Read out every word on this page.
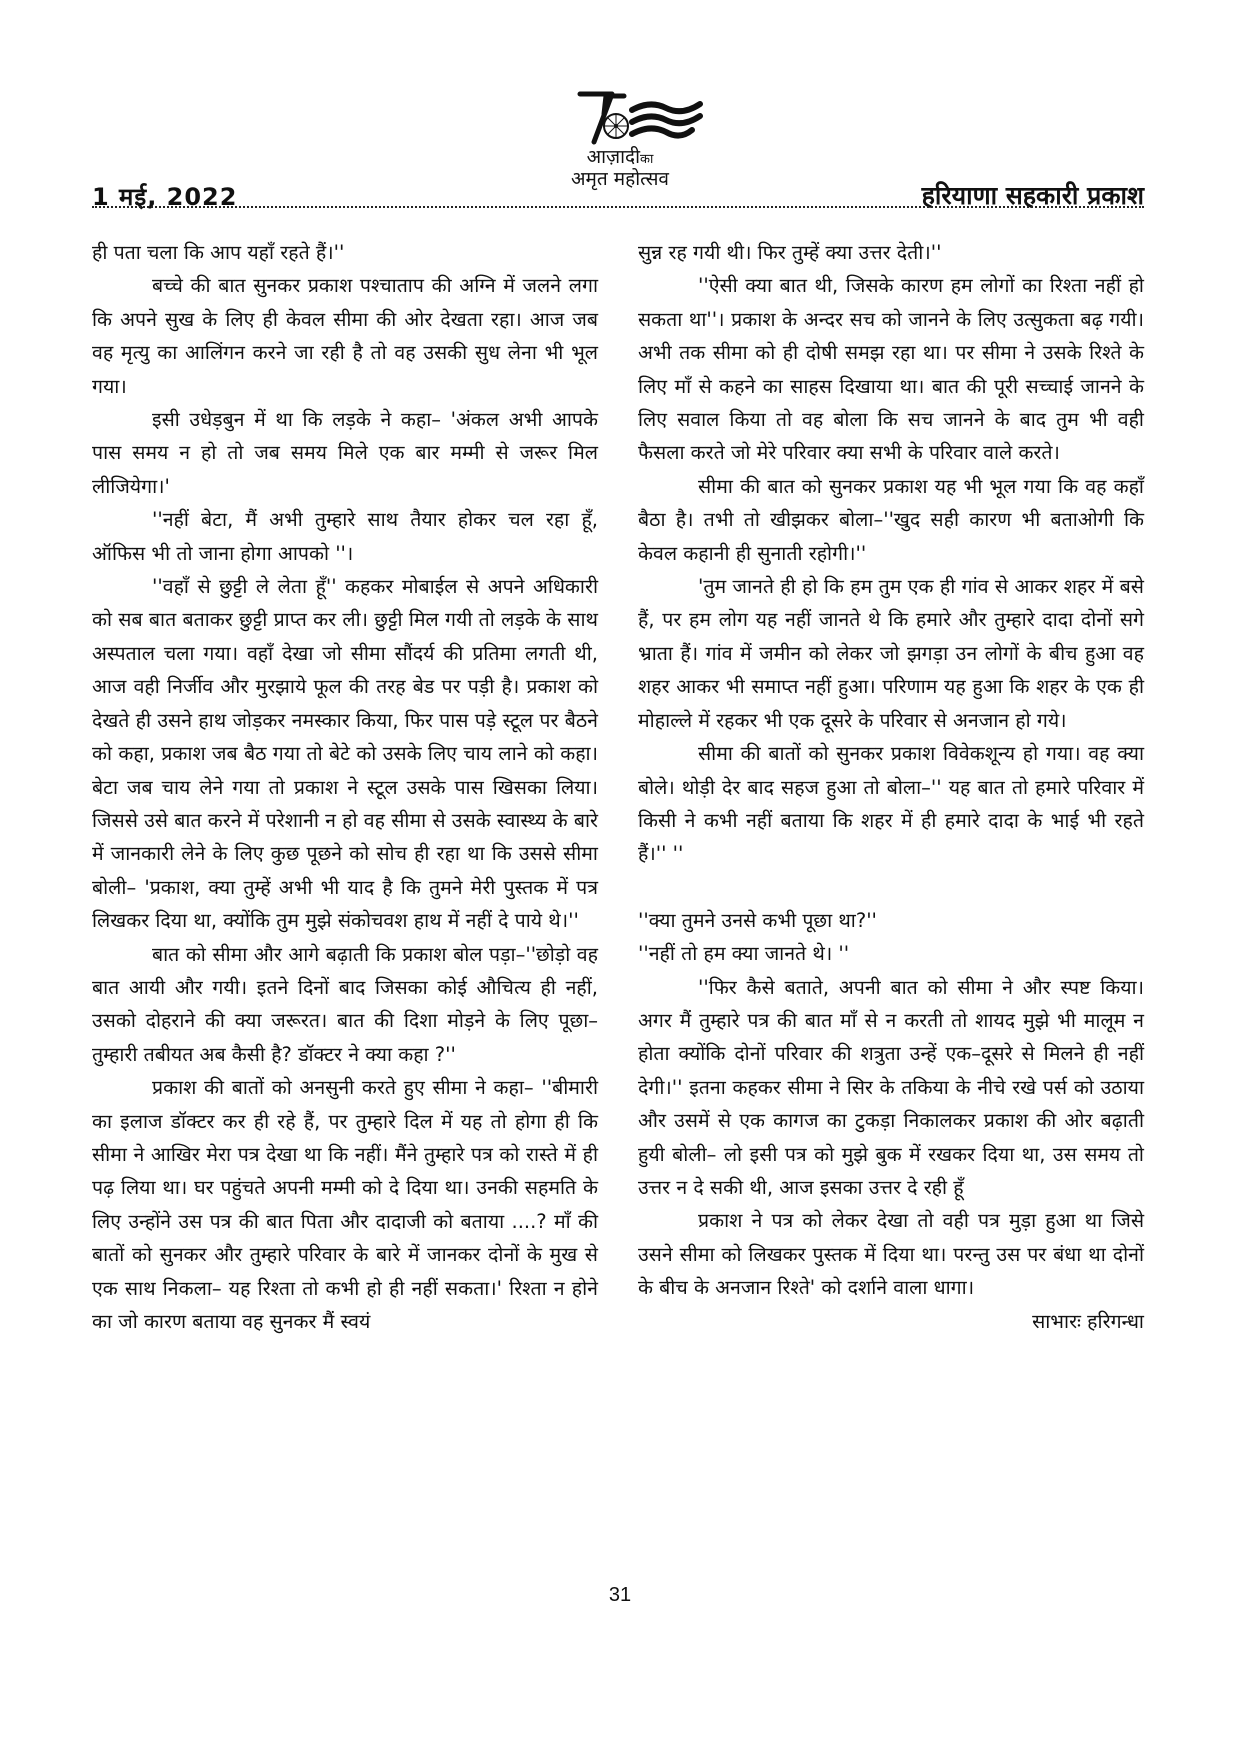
1 मई, 2022
आज़ादीका
अमृत महोत्सव
हरियाणा सहकारी प्रकाश

ही पता चला कि आप यहाँ रहते हैं।''

बच्चे की बात सुनकर प्रकाश पश्चाताप की अग्नि में जलने लगा कि अपने सुख के लिए ही केवल सीमा की ओर देखता रहा। आज जब वह मृत्यु का आलिंगन करने जा रही है तो वह उसकी सुध लेना भी भूल गया।

इसी उधेड़बुन में था कि लड़के ने कहा– 'अंकल अभी आपके पास समय न हो तो जब समय मिले एक बार मम्मी से जरूर मिल लीजियेगा।'

''नहीं बेटा, मैं अभी तुम्हारे साथ तैयार होकर चल रहा हूँ, ऑफिस भी तो जाना होगा आपको ''।

''वहाँ से छुट्टी ले लेता हूँ'' कहकर मोबाईल से अपने अधिकारी को सब बात बताकर छुट्टी प्राप्त कर ली। छुट्टी मिल गयी तो लड़के के साथ अस्पताल चला गया। वहाँ देखा जो सीमा सौंदर्य की प्रतिमा लगती थी, आज वही निर्जीव और मुरझाये फूल की तरह बेड पर पड़ी है। प्रकाश को देखते ही उसने हाथ जोड़कर नमस्कार किया, फिर पास पड़े स्टूल पर बैठने को कहा, प्रकाश जब बैठ गया तो बेटे को उसके लिए चाय लाने को कहा। बेटा जब चाय लेने गया तो प्रकाश ने स्टूल उसके पास खिसका लिया। जिससे उसे बात करने में परेशानी न हो वह सीमा से उसके स्वास्थ्य के बारे में जानकारी लेने के लिए कुछ पूछने को सोच ही रहा था कि उससे सीमा बोली– 'प्रकाश, क्या तुम्हें अभी भी याद है कि तुमने मेरी पुस्तक में पत्र लिखकर दिया था, क्योंकि तुम मुझे संकोचवश हाथ में नहीं दे पाये थे।''

बात को सीमा और आगे बढ़ाती कि प्रकाश बोल पड़ा–''छोड़ो वह बात आयी और गयी। इतने दिनों बाद जिसका कोई औचित्य ही नहीं, उसको दोहराने की क्या जरूरत। बात की दिशा मोड़ने के लिए पूछा– तुम्हारी तबीयत अब कैसी है? डॉक्टर ने क्या कहा ?''

प्रकाश की बातों को अनसुनी करते हुए सीमा ने कहा– ''बीमारी का इलाज डॉक्टर कर ही रहे हैं, पर तुम्हारे दिल में यह तो होगा ही कि सीमा ने आखिर मेरा पत्र देखा था कि नहीं। मैंने तुम्हारे पत्र को रास्ते में ही पढ़ लिया था। घर पहुंचते अपनी मम्मी को दे दिया था। उनकी सहमति के लिए उन्होंने उस पत्र की बात पिता और दादाजी को बताया ....? माँ की बातों को सुनकर और तुम्हारे परिवार के बारे में जानकर दोनों के मुख से एक साथ निकला– यह रिश्ता तो कभी हो ही नहीं सकता।' रिश्ता न होने का जो कारण बताया वह सुनकर मैं स्वयं

सुन्न रह गयी थी। फिर तुम्हें क्या उत्तर देती।''

''ऐसी क्या बात थी, जिसके कारण हम लोगों का रिश्ता नहीं हो सकता था''। प्रकाश के अन्दर सच को जानने के लिए उत्सुकता बढ़ गयी। अभी तक सीमा को ही दोषी समझ रहा था। पर सीमा ने उसके रिश्ते के लिए माँ से कहने का साहस दिखाया था। बात की पूरी सच्चाई जानने के लिए सवाल किया तो वह बोला कि सच जानने के बाद तुम भी वही फैसला करते जो मेरे परिवार क्या सभी के परिवार वाले करते।

सीमा की बात को सुनकर प्रकाश यह भी भूल गया कि वह कहाँ बैठा है। तभी तो खीझकर बोला–''खुद सही कारण भी बताओगी कि केवल कहानी ही सुनाती रहोगी।''

'तुम जानते ही हो कि हम तुम एक ही गांव से आकर शहर में बसे हैं, पर हम लोग यह नहीं जानते थे कि हमारे और तुम्हारे दादा दोनों सगे भ्राता हैं। गांव में जमीन को लेकर जो झगड़ा उन लोगों के बीच हुआ वह शहर आकर भी समाप्त नहीं हुआ। परिणाम यह हुआ कि शहर के एक ही मोहाल्ले में रहकर भी एक दूसरे के परिवार से अनजान हो गये।

सीमा की बातों को सुनकर प्रकाश विवेकशून्य हो गया। वह क्या बोले। थोड़ी देर बाद सहज हुआ तो बोला–'' यह बात तो हमारे परिवार में किसी ने कभी नहीं बताया कि शहर में ही हमारे दादा के भाई भी रहते हैं।'' ''

''क्या तुमने उनसे कभी पूछा था?''

''नहीं तो हम क्या जानते थे। ''

''फिर कैसे बताते, अपनी बात को सीमा ने और स्पष्ट किया। अगर मैं तुम्हारे पत्र की बात माँ से न करती तो शायद मुझे भी मालूम न होता क्योंकि दोनों परिवार की शत्रुता उन्हें एक–दूसरे से मिलने ही नहीं देगी।'' इतना कहकर सीमा ने सिर के तकिया के नीचे रखे पर्स को उठाया और उसमें से एक कागज का टुकड़ा निकालकर प्रकाश की ओर बढ़ाती हुयी बोली– लो इसी पत्र को मुझे बुक में रखकर दिया था, उस समय तो उत्तर न दे सकी थी, आज इसका उत्तर दे रही हूँ

प्रकाश ने पत्र को लेकर देखा तो वही पत्र मुड़ा हुआ था जिसे उसने सीमा को लिखकर पुस्तक में दिया था। परन्तु उस पर बंधा था दोनों के बीच के अनजान रिश्ते' को दर्शाने वाला धागा।

साभारः हरिगन्धा

31
